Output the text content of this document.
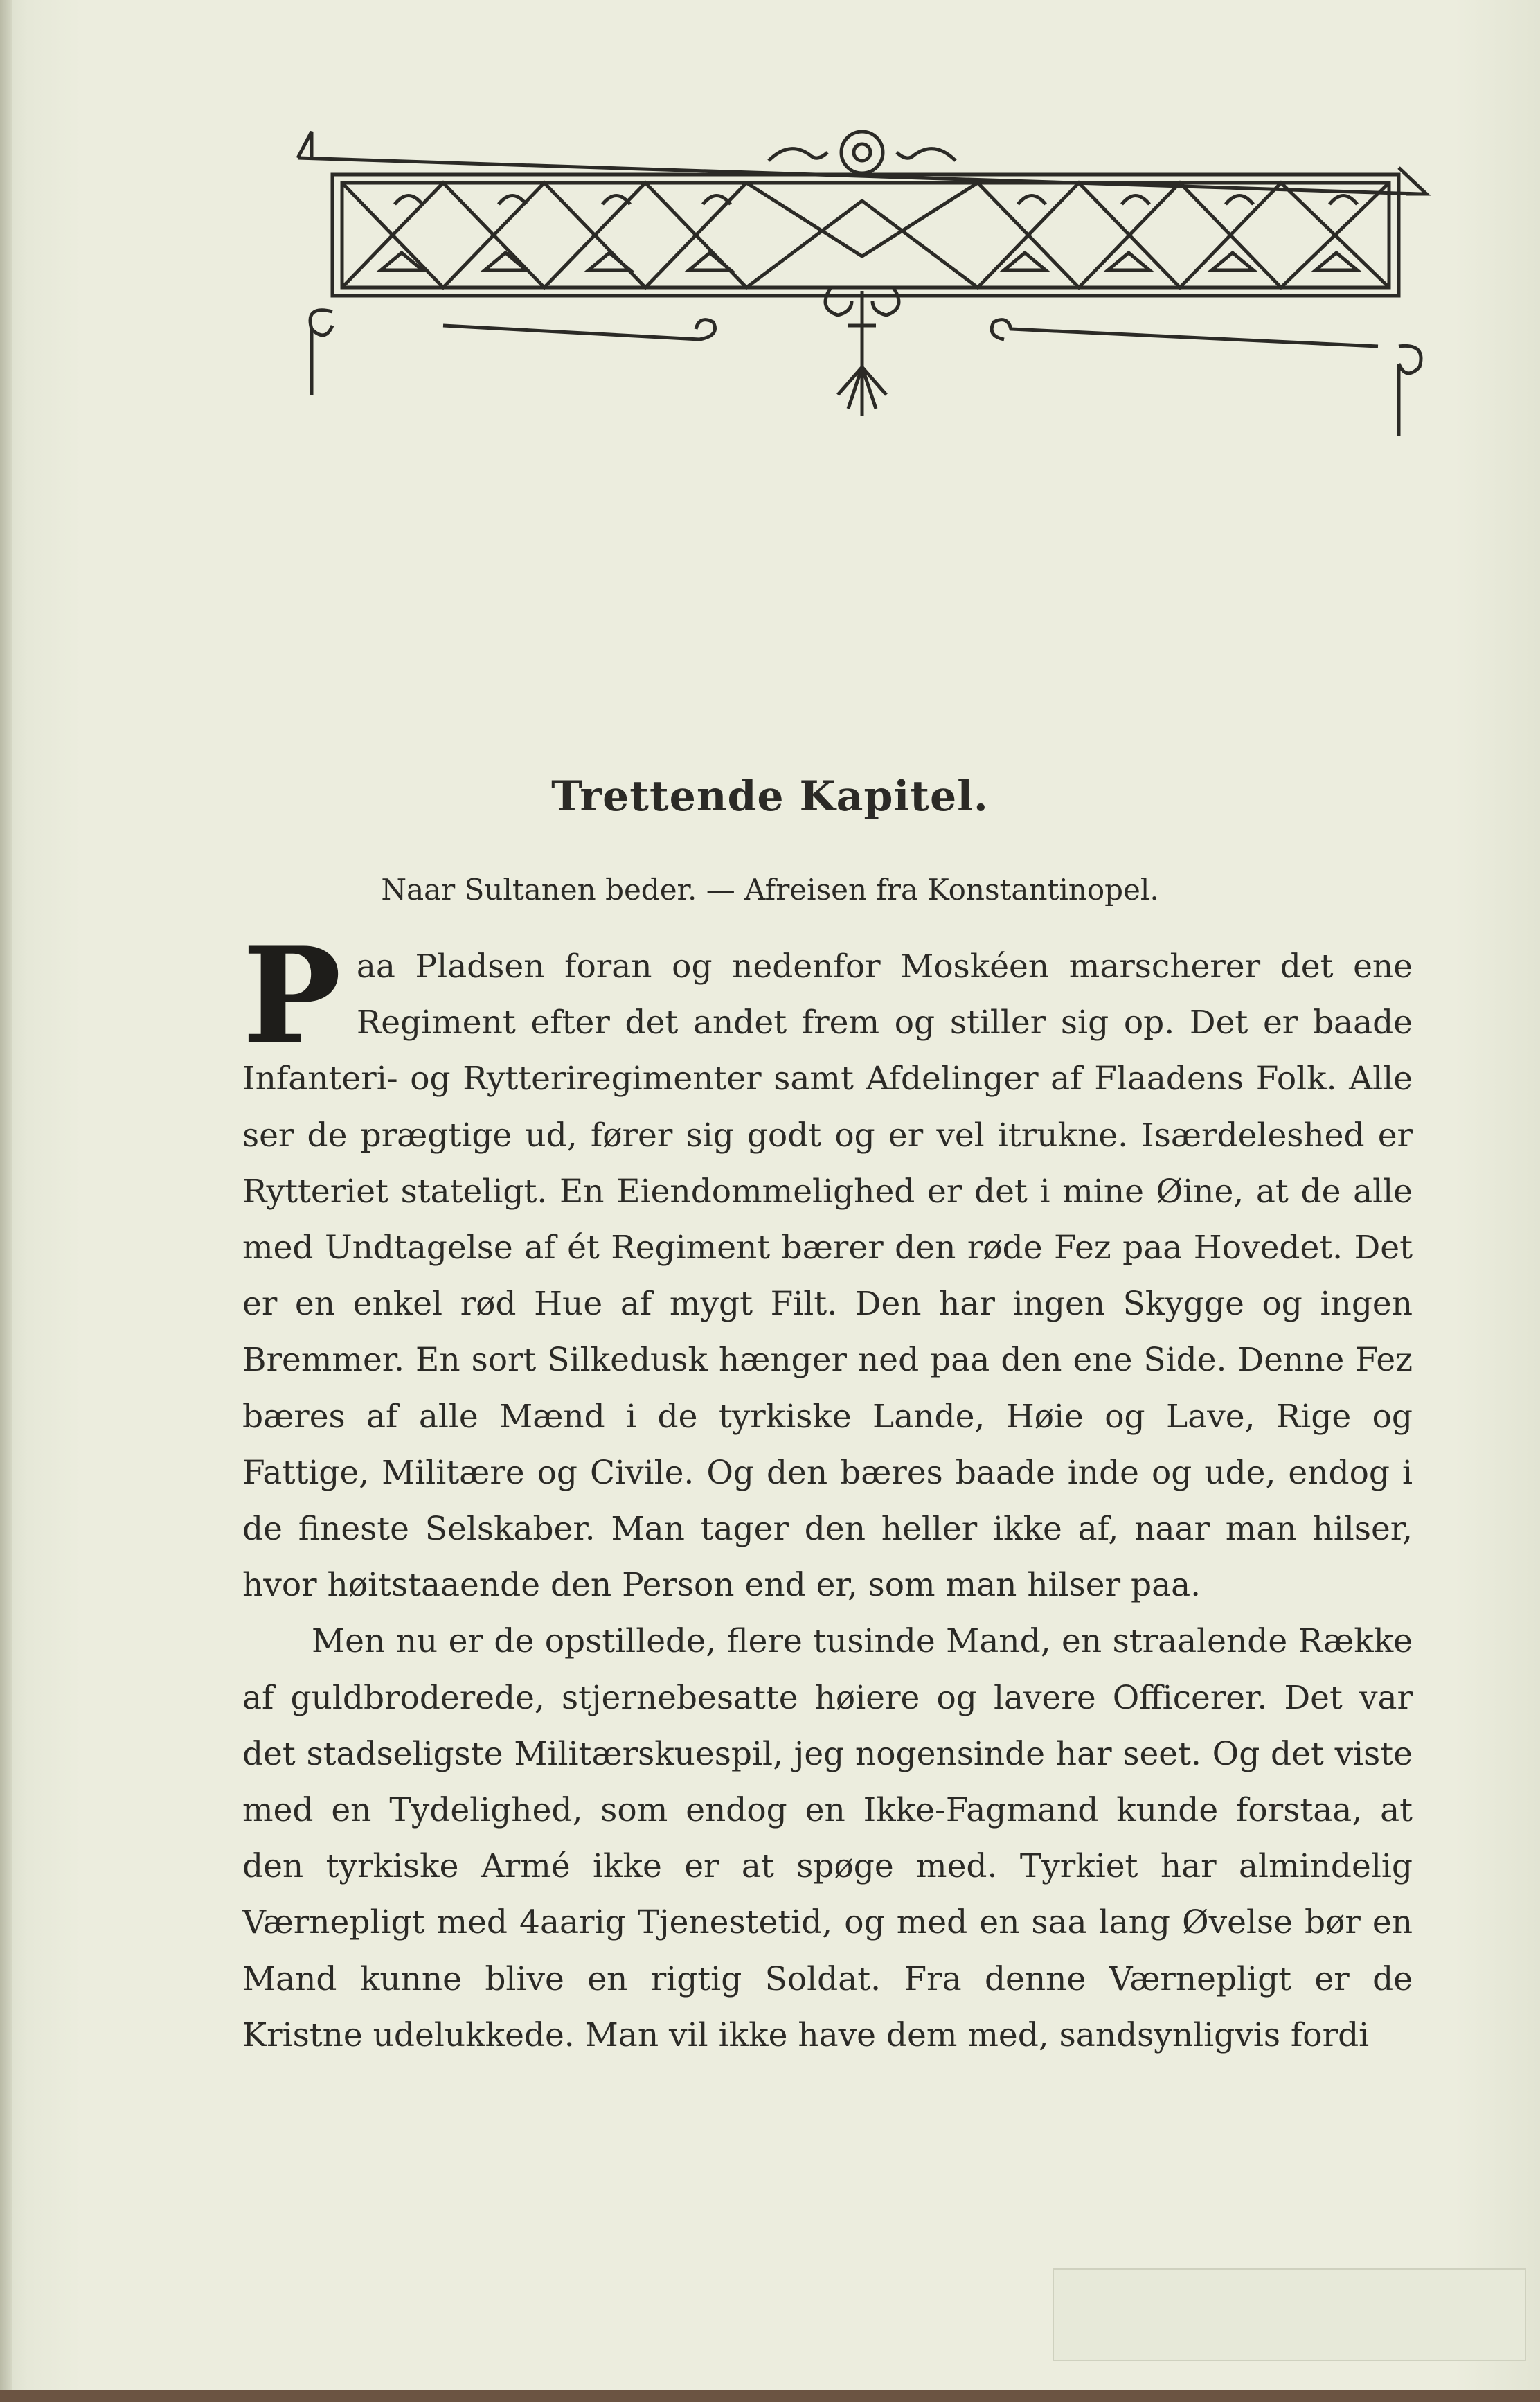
Trettende Kapitel.
Naar Sultanen beder. — Afreisen fra Konstantinopel.

Paa Pladsen foran og nedenfor Moskéen marscherer det ene Regiment efter det andet frem og stiller sig op. Det er baade Infanteri- og Rytteriregimenter samt Afdelinger af Flaadens Folk. Alle ser de prægtige ud, fører sig godt og er vel itrukne. Isærdeleshed er Rytteriet stateligt. En Eiendommelighed er det i mine Øine, at de alle med Undtagelse af ét Regiment bærer den røde Fez paa Hovedet. Det er en enkel rød Hue af mygt Filt. Den har ingen Skygge og ingen Bremmer. En sort Silkedusk hænger ned paa den ene Side. Denne Fez bæres af alle Mænd i de tyrkiske Lande, Høie og Lave, Rige og Fattige, Militære og Civile. Og den bæres baade inde og ude, endog i de fineste Selskaber. Man tager den heller ikke af, naar man hilser, hvor høitstaaende den Person end er, som man hilser paa.

Men nu er de opstillede, flere tusinde Mand, en straalende Række af guldbroderede, stjernebesatte høiere og lavere Officerer. Det var det stadseligste Militærskuespil, jeg nogensinde har seet. Og det viste med en Tydelighed, som endog en Ikke-Fagmand kunde forstaa, at den tyrkiske Armé ikke er at spøge med. Tyrkiet har almindelig Værnepligt med 4aarig Tjenestetid, og med en saa lang Øvelse bør en Mand kunne blive en rigtig Soldat. Fra denne Værnepligt er de Kristne udelukkede. Man vil ikke have dem med, sandsynligvis fordi
